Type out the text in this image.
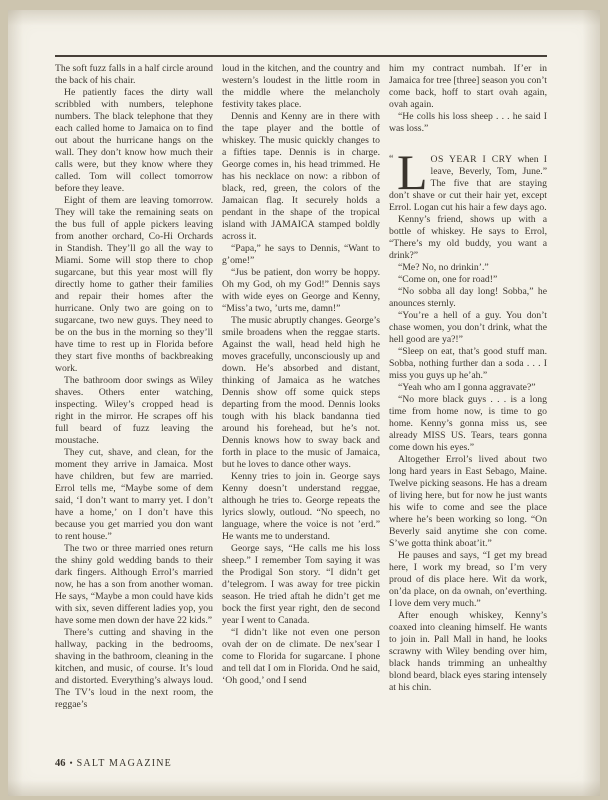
The soft fuzz falls in a half circle around the back of his chair.

He patiently faces the dirty wall scribbled with numbers, telephone numbers. The black telephone that they each called home to Jamaica on to find out about the hurricane hangs on the wall. They don’t know how much their calls were, but they know where they called. Tom will collect tomorrow before they leave.

Eight of them are leaving tomorrow. They will take the remaining seats on the bus full of apple pickers leaving from another orchard, Co-Hi Orchards in Standish. They’ll go all the way to Miami. Some will stop there to chop sugarcane, but this year most will fly directly home to gather their families and repair their homes after the hurricane. Only two are going on to sugarcane, two new guys. They need to be on the bus in the morning so they’ll have time to rest up in Florida before they start five months of backbreaking work.

The bathroom door swings as Wiley shaves. Others enter watching, inspecting. Wiley’s cropped head is right in the mirror. He scrapes off his full beard of fuzz leaving the moustache.

They cut, shave, and clean, for the moment they arrive in Jamaica. Most have children, but few are married. Errol tells me, “Maybe some of dem said, ‘I don’t want to marry yet. I don’t have a home,’ on I don’t have this because you get married you don want to rent house.”

The two or three married ones return the shiny gold wedding bands to their dark fingers. Although Errol’s married now, he has a son from another woman. He says, “Maybe a mon could have kids with six, seven different ladies yop, you have some men down der have 22 kids.”

There’s cutting and shaving in the hallway, packing in the bedrooms, shaving in the bathroom, cleaning in the kitchen, and music, of course. It’s loud and distorted. Everything’s always loud. The TV’s loud in the next room, the reggae’s

loud in the kitchen, and the country and western’s loudest in the little room in the middle where the melancholy festivity takes place.

Dennis and Kenny are in there with the tape player and the bottle of whiskey. The music quickly changes to a fifties tape. Dennis is in charge. George comes in, his head trimmed. He has his necklace on now: a ribbon of black, red, green, the colors of the Jamaican flag. It securely holds a pendant in the shape of the tropical island with JAMAICA stamped boldly across it.

“Papa,” he says to Dennis, “Want to g’ome!”

“Jus be patient, don worry be hoppy. Oh my God, oh my God!” Dennis says with wide eyes on George and Kenny, “Miss’a two, ’urts me, damn!”

The music abruptly changes. George’s smile broadens when the reggae starts. Against the wall, head held high he moves gracefully, unconsciously up and down. He’s absorbed and distant, thinking of Jamaica as he watches Dennis show off some quick steps departing from the mood. Dennis looks tough with his black bandanna tied around his forehead, but he’s not. Dennis knows how to sway back and forth in place to the music of Jamaica, but he loves to dance other ways.

Kenny tries to join in. George says Kenny doesn’t understand reggae, although he tries to. George repeats the lyrics slowly, outloud. “No speech, no language, where the voice is not ’erd.” He wants me to understand.

George says, “He calls me his loss sheep.” I remember Tom saying it was the Prodigal Son story. “I didn’t get d’telegrom. I was away for tree pickin season. He tried aftah he didn’t get me bock the first year right, den de second year I went to Canada.

“I didn’t like not even one person ovah der on de climate. De nex’sear I come to Florida for sugarcane. I phone and tell dat I om in Florida. Ond he said, ‘Oh good,’ ond I send

him my contract numbah. If’er in Jamaica for tree [three] season you con’t come back, hoff to start ovah again, ovah again.

“He colls his loss sheep . . . he said I was loss.”

“ L OS YEAR I CRY when I leave, Beverly, Tom, June.” The five that are staying don’t shave or cut their hair yet, except Errol. Logan cut his hair a few days ago.

Kenny’s friend, shows up with a bottle of whiskey. He says to Errol, “There’s my old buddy, you want a drink?”

“Me? No, no drinkin’.”

“Come on, one for road!”

“No sobba all day long! Sobba,” he anounces sternly.

“You’re a hell of a guy. You don’t chase women, you don’t drink, what the hell good are ya?!”

“Sleep on eat, that’s good stuff man. Sobba, nothing further dan a soda . . . I miss you guys up he’ah.”

“Yeah who am I gonna aggravate?”

“No more black guys . . . is a long time from home now, is time to go home. Kenny’s gonna miss us, see already MISS US. Tears, tears gonna come down his eyes.”

Altogether Errol’s lived about two long hard years in East Sebago, Maine. Twelve picking seasons. He has a dream of living here, but for now he just wants his wife to come and see the place where he’s been working so long. “On Beverly said anytime she con come. S’we gotta think aboat’it.”

He pauses and says, “I get my bread here, I work my bread, so I’m very proud of dis place here. Wit da work, on’da place, on da ownah, on’everthing. I love dem very much.”

After enough whiskey, Kenny’s coaxed into cleaning himself. He wants to join in. Pall Mall in hand, he looks scrawny with Wiley bending over him, black hands trimming an unhealthy blond beard, black eyes staring intensely at his chin.

46 • SALT MAGAZINE
